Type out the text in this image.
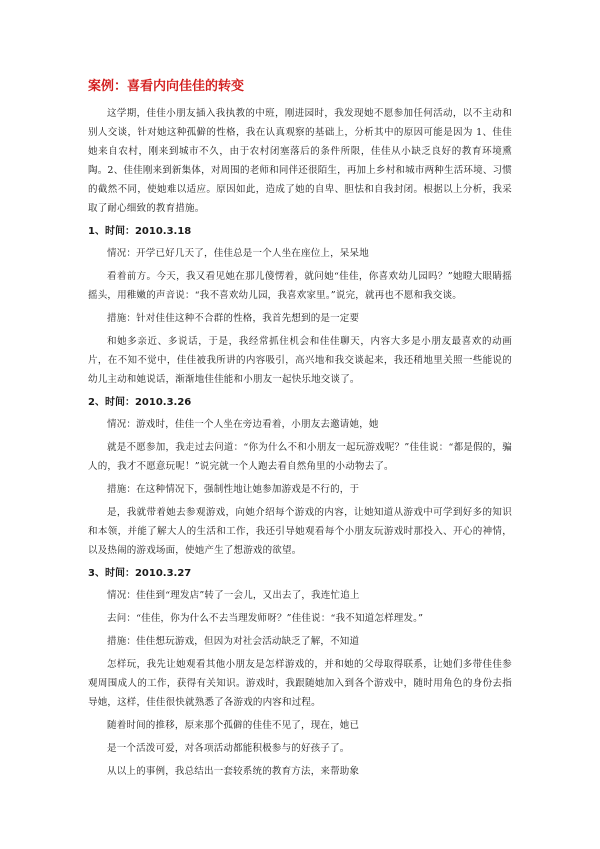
案例：喜看内向佳佳的转变

这学期，佳佳小朋友插入我执教的中班，刚进园时，我发现她不愿参加任何活动，以不主动和别人交谈，针对她这种孤僻的性格，我在认真观察的基础上，分析其中的原因可能是因为 1、佳佳她来自农村，刚来到城市不久，由于农村闭塞落后的条件所限，佳佳从小缺乏良好的教育环境熏陶。2、佳佳刚来到新集体，对周围的老师和同伴还很陌生，再加上乡村和城市两种生活环境、习惯的截然不同，使她难以适应。原因如此，造成了她的自卑、胆怯和自我封闭。根据以上分析，我采取了耐心细致的教育措施。

1、时间：2010.3.18

情况：开学已好几天了，佳佳总是一个人坐在座位上，呆呆地

看着前方。今天，我又看见她在那儿傻愣着，就问她“佳佳，你喜欢幼儿园吗？”她瞪大眼睛摇摇头，用稚嫩的声音说：“我不喜欢幼儿园，我喜欢家里。”说完，就再也不愿和我交谈。

措施：针对佳佳这种不合群的性格，我首先想到的是一定要

和她多亲近、多说话，于是，我经常抓住机会和佳佳聊天，内容大多是小朋友最喜欢的动画片，在不知不觉中，佳佳被我所讲的内容吸引，高兴地和我交谈起来，我还稍地里关照一些能说的幼儿主动和她说话，渐渐地佳佳能和小朋友一起快乐地交谈了。

2、时间：2010.3.26

情况：游戏时，佳佳一个人坐在旁边看着，小朋友去邀请她，她

就是不愿参加，我走过去问道：“你为什么不和小朋友一起玩游戏呢？”佳佳说：“都是假的，骗人的，我才不愿意玩呢！”说完就一个人跑去看自然角里的小动物去了。

措施：在这种情况下，强制性地让她参加游戏是不行的，于

是，我就带着她去参观游戏，向她介绍每个游戏的内容，让她知道从游戏中可学到好多的知识和本领，并能了解大人的生活和工作，我还引导她观看每个小朋友玩游戏时那投入、开心的神情，以及热闹的游戏场面，使她产生了想游戏的欲望。

3、时间：2010.3.27

情况：佳佳到“理发店”转了一会儿，又出去了，我连忙追上

去问：“佳佳，你为什么不去当理发师呀？”佳佳说：“我不知道怎样理发。”

措施：佳佳想玩游戏，但因为对社会活动缺乏了解，不知道

怎样玩，我先让她观看其他小朋友是怎样游戏的，并和她的父母取得联系，让她们多带佳佳参观周围成人的工作，获得有关知识。游戏时，我跟随她加入到各个游戏中，随时用角色的身份去指导她，这样，佳佳很快就熟悉了各游戏的内容和过程。

随着时间的推移，原来那个孤僻的佳佳不见了，现在，她已

是一个活泼可爱，对各项活动都能积极参与的好孩子了。

从以上的事例，我总结出一套较系统的教育方法，来帮助象
